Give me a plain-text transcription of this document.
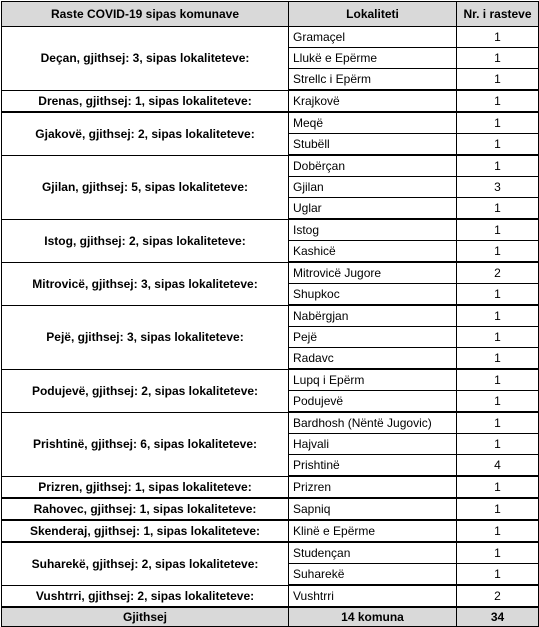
Raste COVID-19 sipas komunave	Lokaliteti	Nr. i rasteve
Deçan, gjithsej: 3, sipas lokaliteteve:	Gramaçel	1
	Llukë e Epërme	1
	Strellc i Epërm	1
Drenas, gjithsej: 1, sipas lokaliteteve:	Krajkovë	1
Gjakovë, gjithsej: 2, sipas lokaliteteve:	Meqë	1
	Stubëll	1
Gjilan, gjithsej: 5, sipas lokaliteteve:	Dobërçan	1
	Gjilan	3
	Uglar	1
Istog, gjithsej: 2, sipas lokaliteteve:	Istog	1
	Kashicë	1
Mitrovicë, gjithsej: 3, sipas lokaliteteve:	Mitrovicë Jugore	2
	Shupkoc	1
Pejë, gjithsej: 3, sipas lokaliteteve:	Nabërgjan	1
	Pejë	1
	Radavc	1
Podujevë, gjithsej: 2, sipas lokaliteteve:	Lupq i Epërm	1
	Podujevë	1
Prishtinë, gjithsej: 6, sipas lokaliteteve:	Bardhosh (Nëntë Jugovic)	1
	Hajvali	1
	Prishtinë	4
Prizren, gjithsej: 1, sipas lokaliteteve:	Prizren	1
Rahovec, gjithsej: 1, sipas lokaliteteve:	Sapniq	1
Skenderaj, gjithsej: 1, sipas lokaliteteve:	Klinë e Epërme	1
Suharekë, gjithsej: 2, sipas lokaliteteve:	Studençan	1
	Suharekë	1
Vushtrri, gjithsej: 2, sipas lokaliteteve:	Vushtrri	2
Gjithsej	14 komuna	34
